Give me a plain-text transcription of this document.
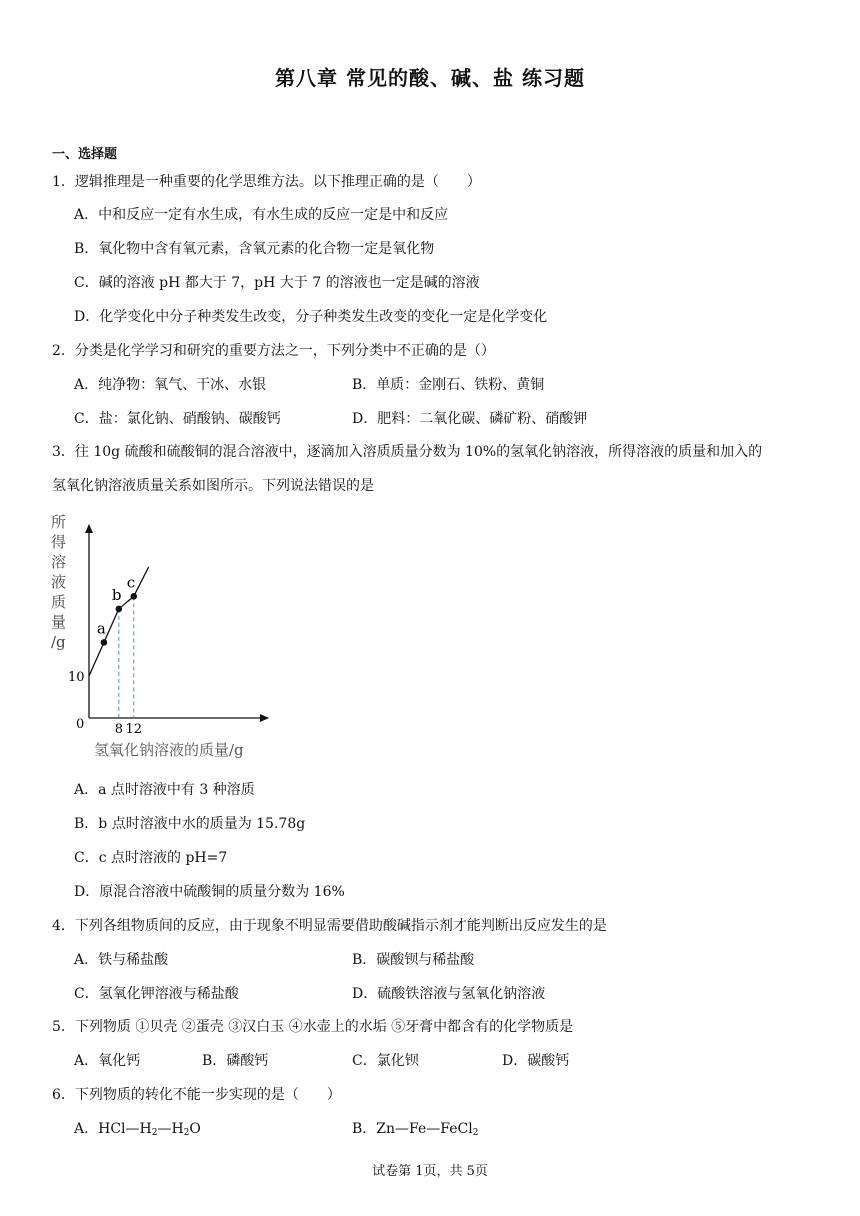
第八章 常见的酸、碱、盐 练习题
一、选择题
1．逻辑推理是一种重要的化学思维方法。以下推理正确的是（　　）
A．中和反应一定有水生成，有水生成的反应一定是中和反应
B．氧化物中含有氧元素，含氧元素的化合物一定是氧化物
C．碱的溶液 pH 都大于 7，pH 大于 7 的溶液也一定是碱的溶液
D．化学变化中分子种类发生改变，分子种类发生改变的变化一定是化学变化
2．分类是化学学习和研究的重要方法之一，下列分类中不正确的是（）
A．纯净物：氧气、干冰、水银	B．单质：金刚石、铁粉、黄铜
C．盐：氯化钠、硝酸钠、碳酸钙	D．肥料：二氧化碳、磷矿粉、硝酸钾
3．往 10g 硫酸和硫酸铜的混合溶液中，逐滴加入溶质质量分数为 10%的氢氧化钠溶液，所得溶液的质量和加入的
氢氧化钠溶液质量关系如图所示。下列说法错误的是
所
得
溶
液
质
量
/g
a
b
c
0
10
8 12
氢氧化钠溶液的质量/g
A．a 点时溶液中有 3 种溶质
B．b 点时溶液中水的质量为 15.78g
C．c 点时溶液的 pH=7
D．原混合溶液中硫酸铜的质量分数为 16%
4．下列各组物质间的反应，由于现象不明显需要借助酸碱指示剂才能判断出反应发生的是
A．铁与稀盐酸	B．碳酸钡与稀盐酸
C．氢氧化钾溶液与稀盐酸	D．硫酸铁溶液与氢氧化钠溶液
5．下列物质 ①贝壳 ②蛋壳 ③汉白玉 ④水壶上的水垢 ⑤牙膏中都含有的化学物质是
A．氧化钙	B．磷酸钙	C．氯化钡	D．碳酸钙
6．下列物质的转化不能一步实现的是（　　）
A．$HCl—H_2—H_2O$	B．Zn—Fe—FeCl$_2$
试卷第 1页，共 5页
